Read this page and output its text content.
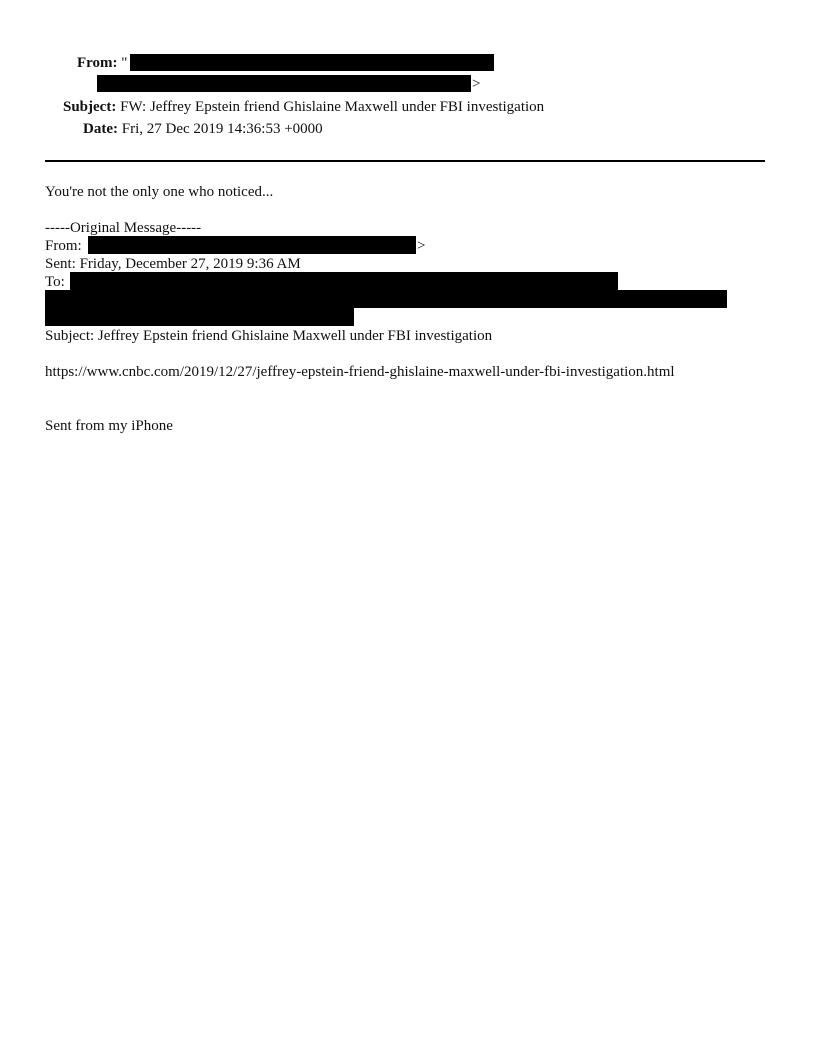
From: "
>
Subject: FW: Jeffrey Epstein friend Ghislaine Maxwell under FBI investigation
Date: Fri, 27 Dec 2019 14:36:53 +0000
You're not the only one who noticed...
-----Original Message-----
From:	>
Sent: Friday, December 27, 2019 9:36 AM
To:
Subject: Jeffrey Epstein friend Ghislaine Maxwell under FBI investigation
https://www.cnbc.com/2019/12/27/jeffrey-epstein-friend-ghislaine-maxwell-under-fbi-investigation.html
Sent from my iPhone
